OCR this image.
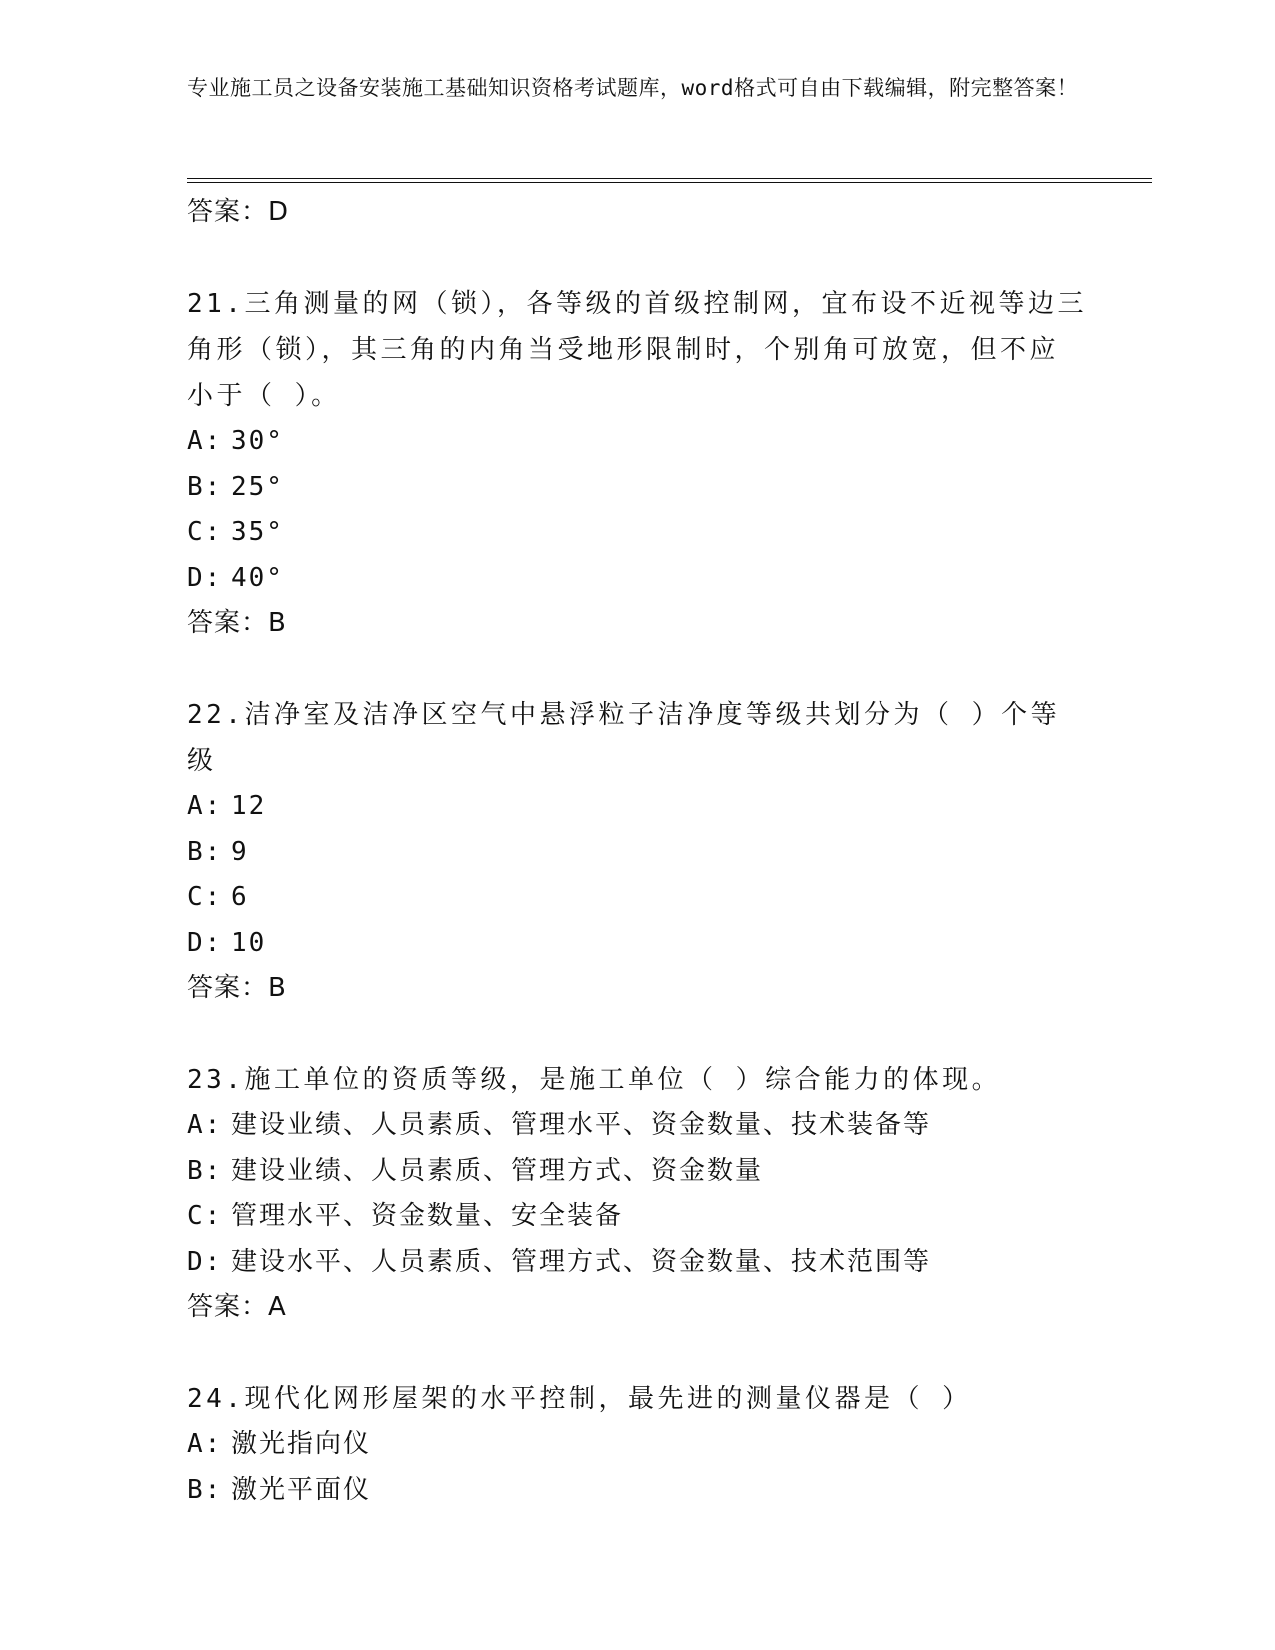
专业施工员之设备安装施工基础知识资格考试题库，word格式可自由下载编辑，附完整答案！
答案：D
21.三角测量的网（锁），各等级的首级控制网，宜布设不近视等边三角形（锁），其三角的内角当受地形限制时，个别角可放宽，但不应小于（ ）。
A: 30°
B: 25°
C: 35°
D: 40°
答案：B
22.洁净室及洁净区空气中悬浮粒子洁净度等级共划分为（ ）个等级
A: 12
B: 9
C: 6
D: 10
答案：B
23.施工单位的资质等级，是施工单位（ ）综合能力的体现。
A: 建设业绩、人员素质、管理水平、资金数量、技术装备等
B: 建设业绩、人员素质、管理方式、资金数量
C: 管理水平、资金数量、安全装备
D: 建设水平、人员素质、管理方式、资金数量、技术范围等
答案：A
24.现代化网形屋架的水平控制，最先进的测量仪器是（ ）
A: 激光指向仪
B: 激光平面仪
